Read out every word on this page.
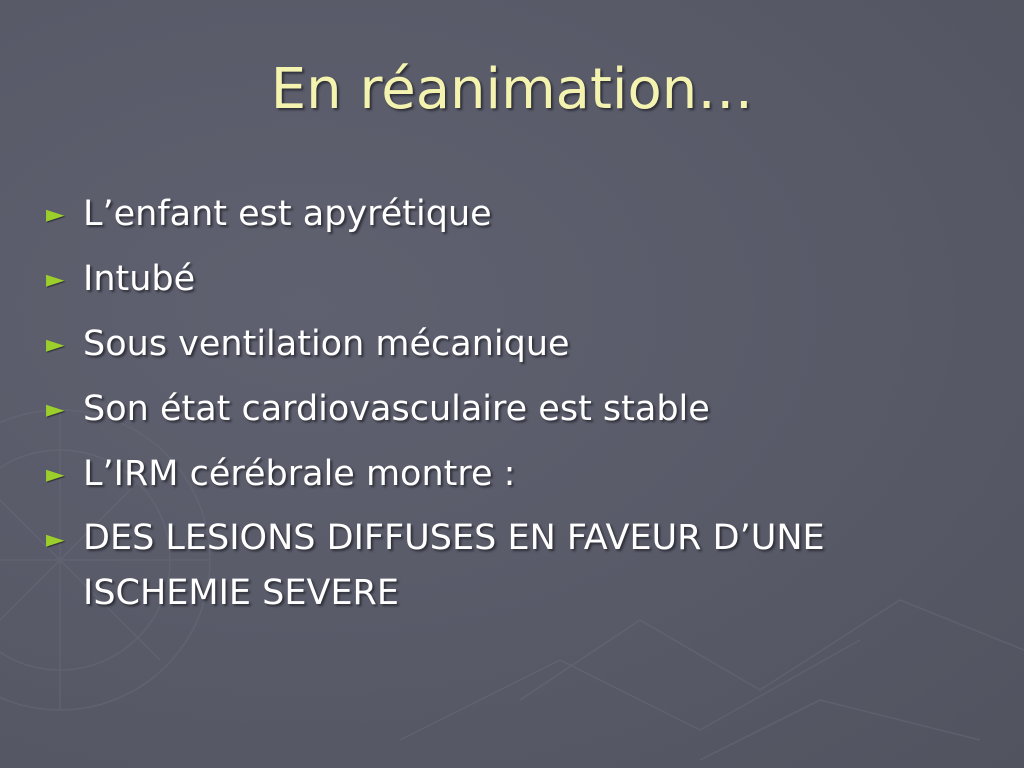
En réanimation…
► L’enfant est apyrétique
► Intubé
► Sous ventilation mécanique
► Son état cardiovasculaire est stable
► L’IRM cérébrale montre :
► DES LESIONS DIFFUSES EN FAVEUR D’UNE ISCHEMIE SEVERE
